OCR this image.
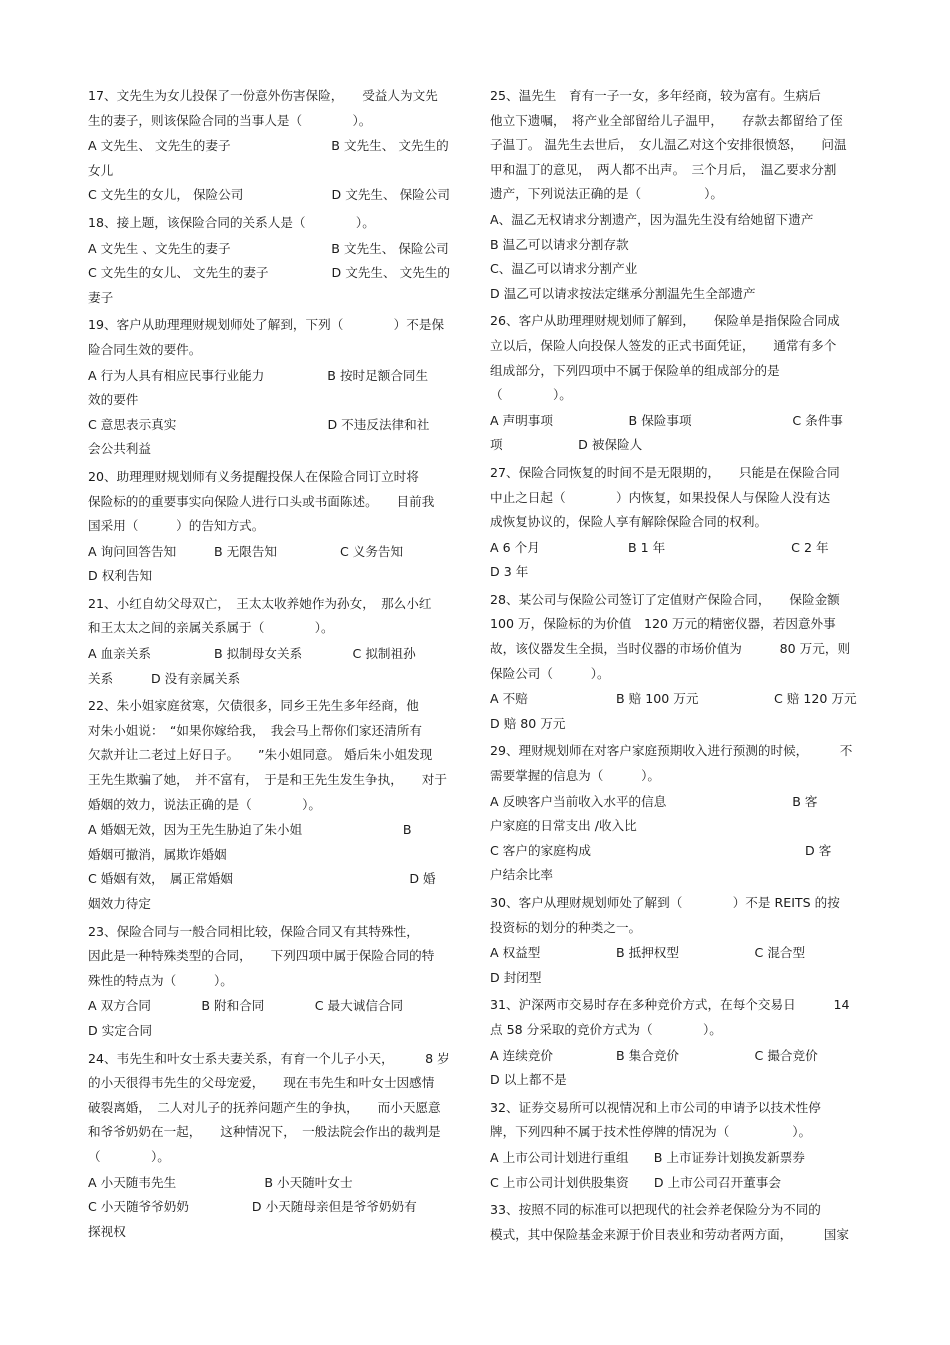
17、文先生为女儿投保了一份意外伤害保险，　　受益人为文先

生的妻子，则该保险合同的当事人是（　　　　）。

A 文先生、 文先生的妻子　　　　　　　　B 文先生、 文先生的
女儿
C 文先生的女儿， 保险公司　　　　　　　D 文先生、 保险公司

18、接上题，该保险合同的关系人是（　　　　）。

A 文先生 、文先生的妻子　　　　　　　　B 文先生、 保险公司
C 文先生的女儿、 文先生的妻子　　　　　D 文先生、 文先生的
妻子

19、客户从助理理财规划师处了解到，下列（　　　　）不是保

险合同生效的要件。

A 行为人具有相应民事行业能力　　　　　B 按时足额合同生
效的要件
C 意思表示真实　　　　　　　　　　　　D 不违反法律和社
会公共利益

20、助理理财规划师有义务提醒投保人在保险合同订立时将

保险标的的重要事实向保险人进行口头或书面陈述。　　目前我

国采用（　　　）的告知方式。

A 询问回答告知　　　B 无限告知　　　　　C 义务告知
D 权利告知

21、小红自幼父母双亡，　王太太收养她作为孙女，　那么小红

和王太太之间的亲属关系属于（　　　　）。

A 血亲关系　　　　　B 拟制母女关系　　　　C 拟制祖孙
关系　　　D 没有亲属关系

22、朱小姐家庭贫寒，欠债很多，同乡王先生多年经商，他

对朱小姐说：　“如果你嫁给我，　我会马上帮你们家还清所有

欠款并让二老过上好日子。　　”朱小姐同意。 婚后朱小姐发现

王先生欺骗了她，　并不富有，　于是和王先生发生争执，　　对于

婚姻的效力，说法正确的是（　　　　）。

A 婚姻无效，因为王先生胁迫了朱小姐　　　　　　　　B
婚姻可撤消，属欺诈婚姻
C 婚姻有效，　属正常婚姻　　　　　　　　　　　　　　D 婚
姻效力待定

23、保险合同与一般合同相比较，保险合同又有其特殊性，

因此是一种特殊类型的合同，　　下列四项中属于保险合同的特

殊性的特点为（　　　）。

A 双方合同　　　　B 附和合同　　　　C 最大诚信合同
D 实定合同

24、韦先生和叶女士系夫妻关系，有育一个儿子小天，　　　8 岁

的小天很得韦先生的父母宠爱，　　现在韦先生和叶女士因感情

破裂离婚，　二人对儿子的抚养问题产生的争执，　　而小天愿意

和爷爷奶奶在一起，　　这种情况下，　一般法院会作出的裁判是

（　　　　）。

A 小天随韦先生　　　　　　　B 小天随叶女士
C 小天随爷爷奶奶　　　　　D 小天随母亲但是爷爷奶奶有
探视权

25、温先生　育有一子一女，多年经商，较为富有。生病后

他立下遗嘱，　将产业全部留给儿子温甲，　　存款去都留给了侄

子温丁。 温先生去世后，　女儿温乙对这个安排很愤怒，　　问温

甲和温丁的意见，　两人都不出声。　三个月后，　温乙要求分割

遗产，下列说法正确的是（　　　　　）。

A、温乙无权请求分割遗产，因为温先生没有给她留下遗产
B 温乙可以请求分割存款
C、温乙可以请求分割产业
D 温乙可以请求按法定继承分割温先生全部遗产

26、客户从助理理财规划师了解到，　　保险单是指保险合同成

立以后，保险人向投保人签发的正式书面凭证，　　通常有多个

组成部分，下列四项中不属于保险单的组成部分的是

（　　　　）。

A 声明事项　　　　　　B 保险事项　　　　　　　　C 条件事
项　　　　　　D 被保险人

27、保险合同恢复的时间不是无限期的，　　只能是在保险合同

中止之日起（　　　　）内恢复，如果投保人与保险人没有达

成恢复协议的，保险人享有解除保险合同的权利。

A 6 个月　　　　　　　B 1 年　　　　　　　　　　C 2 年
D 3 年

28、某公司与保险公司签订了定值财产保险合同，　　保险金额

100 万，保险标的为价值　120 万元的精密仪器，若因意外事

故，该仪器发生全损，当时仪器的市场价值为　　　80 万元，则

保险公司（　　　）。

A 不赔　　　　　　　B 赔 100 万元　　　　　　C 赔 120 万元
D 赔 80 万元

29、理财规划师在对客户家庭预期收入进行预测的时候，　　　不

需要掌握的信息为（　　　）。

A 反映客户当前收入水平的信息　　　　　　　　　　B 客
户家庭的日常支出 /收入比
C 客户的家庭构成　　　　　　　　　　　　　　　　　D 客
户结余比率

30、客户从理财规划师处了解到（　　　　）不是 REITS 的按

投资标的划分的种类之一。

A 权益型　　　　　　B 抵押权型　　　　　　C 混合型
D 封闭型

31、沪深两市交易时存在多种竞价方式，在每个交易日　　　14

点 58 分采取的竞价方式为（　　　　）。

A 连续竞价　　　　　B 集合竞价　　　　　　C 撮合竞价
D 以上都不是

32、证券交易所可以视情况和上市公司的申请予以技术性停

牌，下列四种不属于技术性停牌的情况为（　　　　　）。

A 上市公司计划进行重组　　B 上市证券计划换发新票券
C 上市公司计划供股集资　　D 上市公司召开董事会

33、按照不同的标准可以把现代的社会养老保险分为不同的

模式，其中保险基金来源于价目表业和劳动者两方面，　　　国家
